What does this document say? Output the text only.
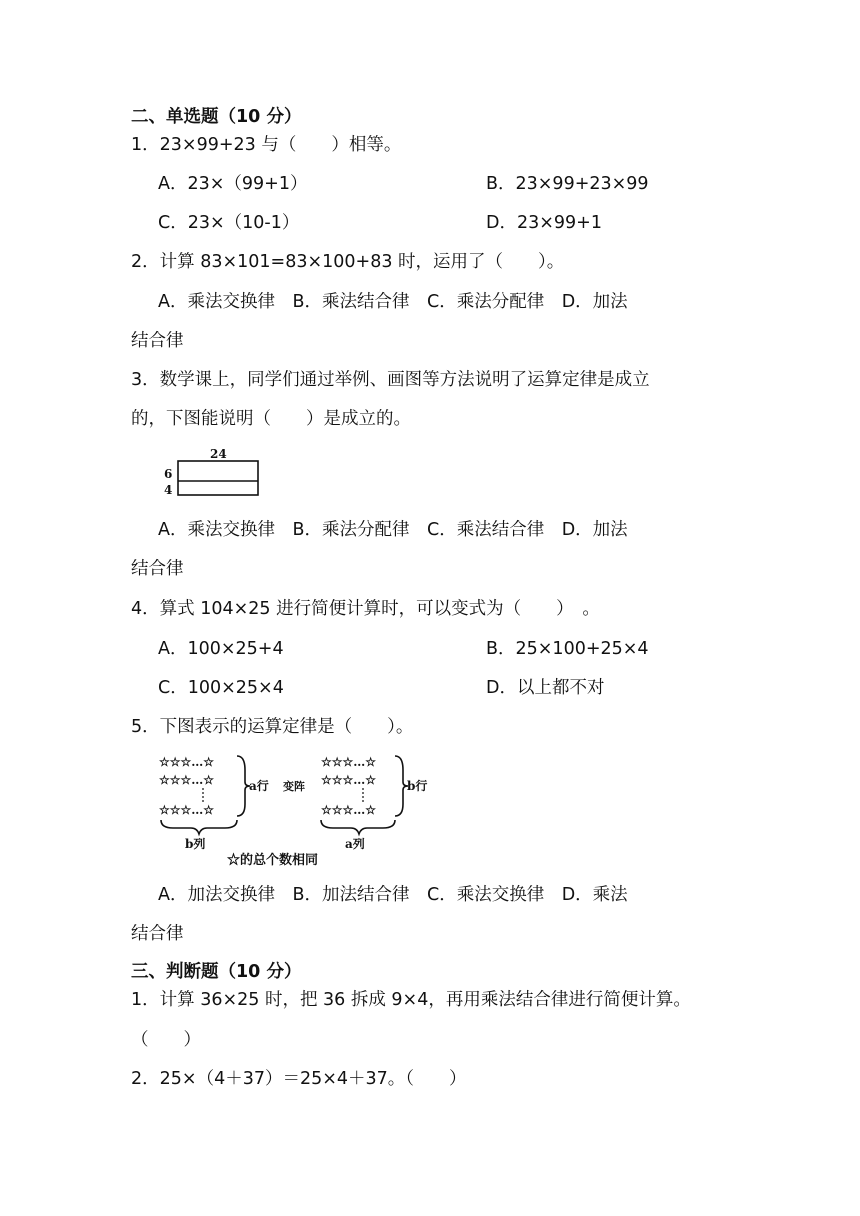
二、单选题（10 分）
1．23×99+23 与（　　）相等。
A．23×（99+1）	B．23×99+23×99
C．23×（10-1）	D．23×99+1
2．计算 83×101=83×100+83 时，运用了（　　）。
A．乘法交换律　B．乘法结合律　C．乘法分配律　D．加法
结合律
3．数学课上，同学们通过举例、画图等方法说明了运算定律是成立
的，下图能说明（　　）是成立的。
24
6
4
A．乘法交换律　B．乘法分配律　C．乘法结合律　D．加法
结合律
4．算式 104×25 进行简便计算时，可以变式为（　　）　。
A．100×25+4	B．25×100+25×4
C．100×25×4	D．以上都不对
5．下图表示的运算定律是（　　）。
☆☆☆…☆
☆☆☆…☆
☆☆☆…☆
a行
b列
变阵
☆☆☆…☆
☆☆☆…☆
☆☆☆…☆
b行
a列
☆的总个数相同
A．加法交换律　B．加法结合律　C．乘法交换律　D．乘法
结合律
三、判断题（10 分）
1．计算 36×25 时，把 36 拆成 9×4，再用乘法结合律进行简便计算。
（　　）
2．25×（4＋37）＝25×4＋37。（　　）
